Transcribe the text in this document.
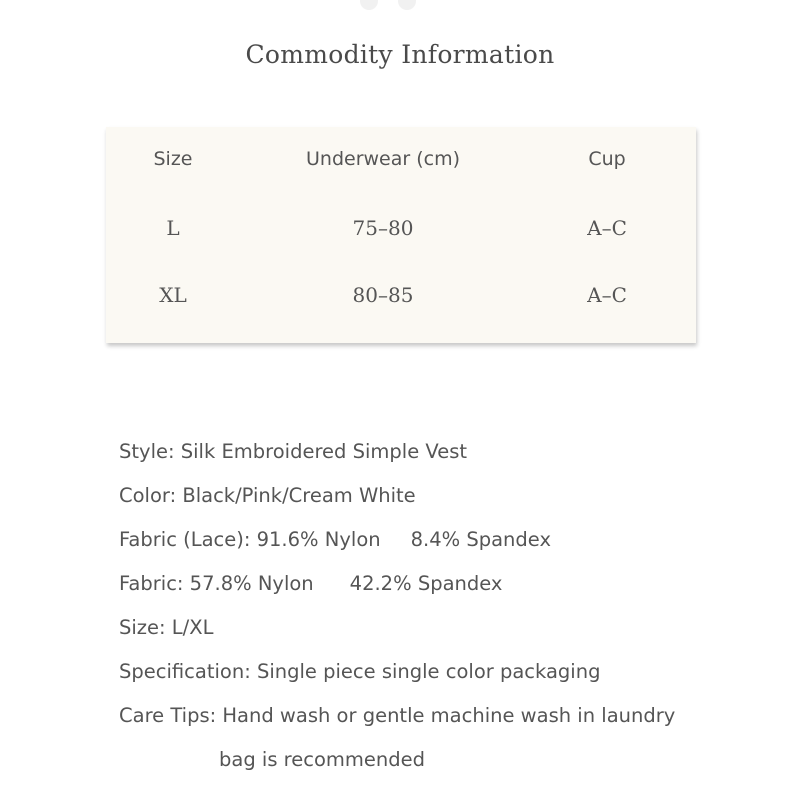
Commodity Information
Size	Underwear (cm)	Cup
L	75–80	A–C
XL	80–85	A–C
Style: Silk Embroidered Simple Vest
Color: Black/Pink/Cream White
Fabric (Lace): 91.6% Nylon 8.4% Spandex
Fabric: 57.8% Nylon 42.2% Spandex
Size: L/XL
Specification: Single piece single color packaging
Care Tips: Hand wash or gentle machine wash in laundry
bag is recommended
